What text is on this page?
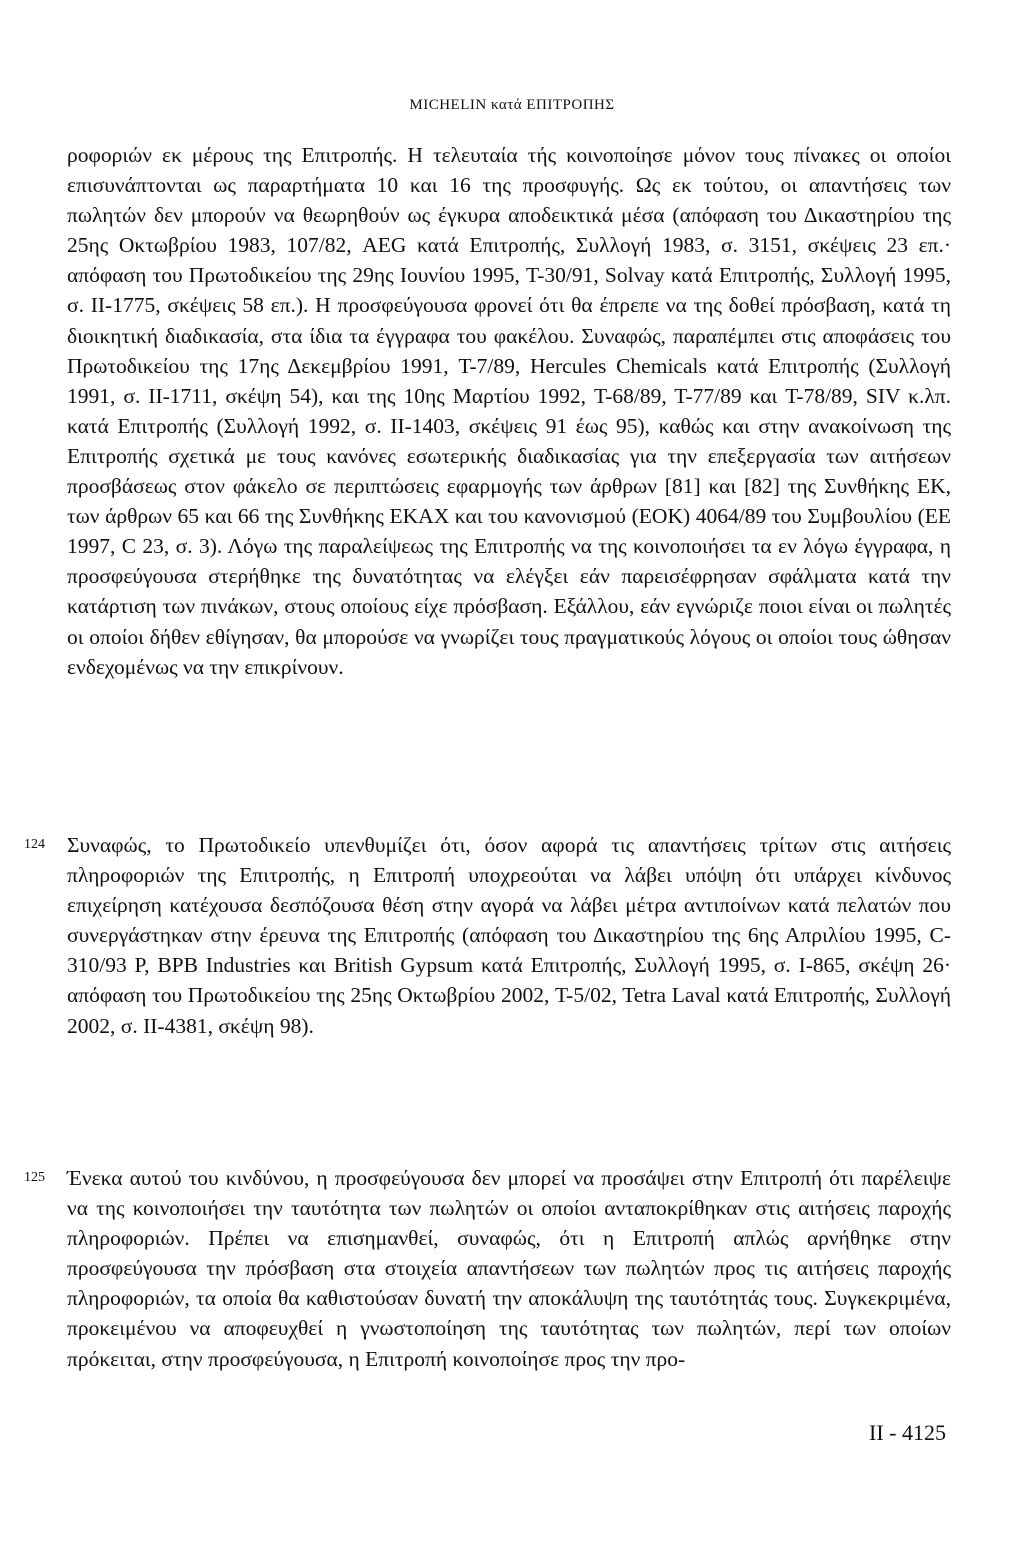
MICHELIN κατά ΕΠΙΤΡΟΠΗΣ

ροφοριών εκ μέρους της Επιτροπής. Η τελευταία τής κοινοποίησε μόνον τους πίνακες οι οποίοι επισυνάπτονται ως παραρτήματα 10 και 16 της προσφυγής. Ως εκ τούτου, οι απαντήσεις των πωλητών δεν μπορούν να θεωρηθούν ως έγκυρα αποδεικτικά μέσα (απόφαση του Δικαστηρίου της 25ης Οκτωβρίου 1983, 107/82, AEG κατά Επιτροπής, Συλλογή 1983, σ. 3151, σκέψεις 23 επ.· απόφαση του Πρωτοδικείου της 29ης Ιουνίου 1995, T-30/91, Solvay κατά Επιτροπής, Συλλογή 1995, σ. II-1775, σκέψεις 58 επ.). Η προσφεύγουσα φρονεί ότι θα έπρεπε να της δοθεί πρόσβαση, κατά τη διοικητική διαδικασία, στα ίδια τα έγγραφα του φακέλου. Συναφώς, παραπέμπει στις αποφάσεις του Πρωτοδικείου της 17ης Δεκεμβρίου 1991, T-7/89, Hercules Chemicals κατά Επιτροπής (Συλλογή 1991, σ. II-1711, σκέψη 54), και της 10ης Μαρτίου 1992, T-68/89, T-77/89 και T-78/89, SIV κ.λπ. κατά Επιτροπής (Συλλογή 1992, σ. II-1403, σκέψεις 91 έως 95), καθώς και στην ανακοίνωση της Επιτροπής σχετικά με τους κανόνες εσωτερικής διαδικασίας για την επεξεργασία των αιτήσεων προσβάσεως στον φάκελο σε περιπτώσεις εφαρμογής των άρθρων [81] και [82] της Συνθήκης ΕΚ, των άρθρων 65 και 66 της Συνθήκης ΕΚΑΧ και του κανονισμού (ΕΟΚ) 4064/89 του Συμβουλίου (ΕΕ 1997, C 23, σ. 3). Λόγω της παραλείψεως της Επιτροπής να της κοινοποιήσει τα εν λόγω έγγραφα, η προσφεύγουσα στερήθηκε της δυνατότητας να ελέγξει εάν παρεισέφρησαν σφάλματα κατά την κατάρτιση των πινάκων, στους οποίους είχε πρόσβαση. Εξάλλου, εάν εγνώριζε ποιοι είναι οι πωλητές οι οποίοι δήθεν εθίγησαν, θα μπορούσε να γνωρίζει τους πραγματικούς λόγους οι οποίοι τους ώθησαν ενδεχομένως να την επικρίνουν.

124 Συναφώς, το Πρωτοδικείο υπενθυμίζει ότι, όσον αφορά τις απαντήσεις τρίτων στις αιτήσεις πληροφοριών της Επιτροπής, η Επιτροπή υποχρεούται να λάβει υπόψη ότι υπάρχει κίνδυνος επιχείρηση κατέχουσα δεσπόζουσα θέση στην αγορά να λάβει μέτρα αντιποίνων κατά πελατών που συνεργάστηκαν στην έρευνα της Επιτροπής (απόφαση του Δικαστηρίου της 6ης Απριλίου 1995, C-310/93 P, BPB Industries και British Gypsum κατά Επιτροπής, Συλλογή 1995, σ. I-865, σκέψη 26· απόφαση του Πρωτοδικείου της 25ης Οκτωβρίου 2002, T-5/02, Tetra Laval κατά Επιτροπής, Συλλογή 2002, σ. II-4381, σκέψη 98).

125 Ένεκα αυτού του κινδύνου, η προσφεύγουσα δεν μπορεί να προσάψει στην Επιτροπή ότι παρέλειψε να της κοινοποιήσει την ταυτότητα των πωλητών οι οποίοι ανταποκρίθηκαν στις αιτήσεις παροχής πληροφοριών. Πρέπει να επισημανθεί, συναφώς, ότι η Επιτροπή απλώς αρνήθηκε στην προσφεύγουσα την πρόσβαση στα στοιχεία απαντήσεων των πωλητών προς τις αιτήσεις παροχής πληροφοριών, τα οποία θα καθιστούσαν δυνατή την αποκάλυψη της ταυτότητάς τους. Συγκεκριμένα, προκειμένου να αποφευχθεί η γνωστοποίηση της ταυτότητας των πωλητών, περί των οποίων πρόκειται, στην προσφεύγουσα, η Επιτροπή κοινοποίησε προς την προ-

II - 4125
